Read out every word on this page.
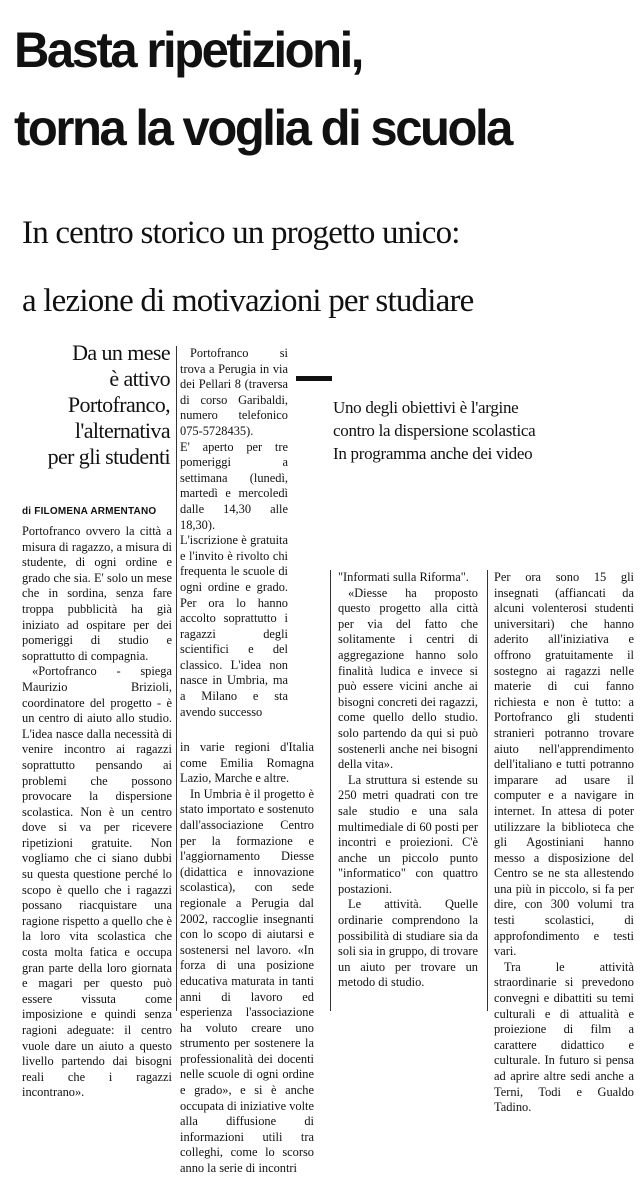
Basta ripetizioni,
torna la voglia di scuola
In centro storico un progetto unico:
a lezione di motivazioni per studiare
Da un mese
è attivo
Portofranco,
l'alternativa
per gli studenti
di FILOMENA ARMENTANO

Portofranco ovvero la città a misura di ragazzo, a misura di studente, di ogni ordine e grado che sia. E' solo un mese che in sordina, senza fare troppa pubblicità ha già iniziato ad ospitare per dei pomeriggi di studio e soprattutto di compagnia.

«Portofranco - spiega Maurizio Brizioli, coordinatore del progetto - è un centro di aiuto allo studio. L'idea nasce dalla necessità di venire incontro ai ragazzi soprattutto pensando ai problemi che possono provocare la dispersione scolastica. Non è un centro dove si va per ricevere ripetizioni gratuite. Non vogliamo che ci siano dubbi su questa questione perché lo scopo è quello che i ragazzi possano riacquistare una ragione rispetto a quello che è la loro vita scolastica che costa molta fatica e occupa gran parte della loro giornata e magari per questo può essere vissuta come imposizione e quindi senza ragioni adeguate: il centro vuole dare un aiuto a questo livello partendo dai bisogni reali che i ragazzi incontrano».

Portofranco si trova a Perugia in via dei Pellari 8 (traversa di corso Garibaldi, numero telefonico 075-5728435).

E' aperto per tre pomeriggi a settimana (lunedì, martedì e mercoledì dalle 14,30 alle 18,30).

L'iscrizione è gratuita e l'invito è rivolto chi frequenta le scuole di ogni ordine e grado. Per ora lo hanno accolto soprattutto i ragazzi degli scientifici e del classico. L'idea non nasce in Umbria, ma a Milano e sta avendo successo

in varie regioni d'Italia come Emilia Romagna Lazio, Marche e altre.

In Umbria è il progetto è stato importato e sostenuto dall'associazione Centro per la formazione e l'aggiornamento Diesse (didattica e innovazione scolastica), con sede regionale a Perugia dal 2002, raccoglie insegnanti con lo scopo di aiutarsi e sostenersi nel lavoro. «In forza di una posizione educativa maturata in tanti anni di lavoro ed esperienza l'associazione ha voluto creare uno strumento per sostenere la professionalità dei docenti nelle scuole di ogni ordine e grado», e si è anche occupata di iniziative volte alla diffusione di informazioni utili tra colleghi, come lo scorso anno la serie di incontri

Uno degli obiettivi è l'argine
contro la dispersione scolastica
In programma anche dei video

"Informati sulla Riforma".

«Diesse ha proposto questo progetto alla città per via del fatto che solitamente i centri di aggregazione hanno solo finalità ludica e invece si può essere vicini anche ai bisogni concreti dei ragazzi, come quello dello studio. solo partendo da qui si può sostenerli anche nei bisogni della vita».

La struttura si estende su 250 metri quadrati con tre sale studio e una sala multimediale di 60 posti per incontri e proiezioni. C'è anche un piccolo punto "informatico" con quattro postazioni.

Le attività. Quelle ordinarie comprendono la possibilità di studiare sia da soli sia in gruppo, di trovare un aiuto per trovare un metodo di studio.

Per ora sono 15 gli insegnati (affiancati da alcuni volenterosi studenti universitari) che hanno aderito all'iniziativa e offrono gratuitamente il sostegno ai ragazzi nelle materie di cui fanno richiesta e non è tutto: a Portofranco gli studenti stranieri potranno trovare aiuto nell'apprendimento dell'italiano e tutti potranno imparare ad usare il computer e a navigare in internet. In attesa di poter utilizzare la biblioteca che gli Agostiniani hanno messo a disposizione del Centro se ne sta allestendo una più in piccolo, si fa per dire, con 300 volumi tra testi scolastici, di approfondimento e testi vari.

Tra le attività straordinarie si prevedono convegni e dibattiti su temi culturali e di attualità e proiezione di film a carattere didattico e culturale. In futuro si pensa ad aprire altre sedi anche a Terni, Todi e Gualdo Tadino.
